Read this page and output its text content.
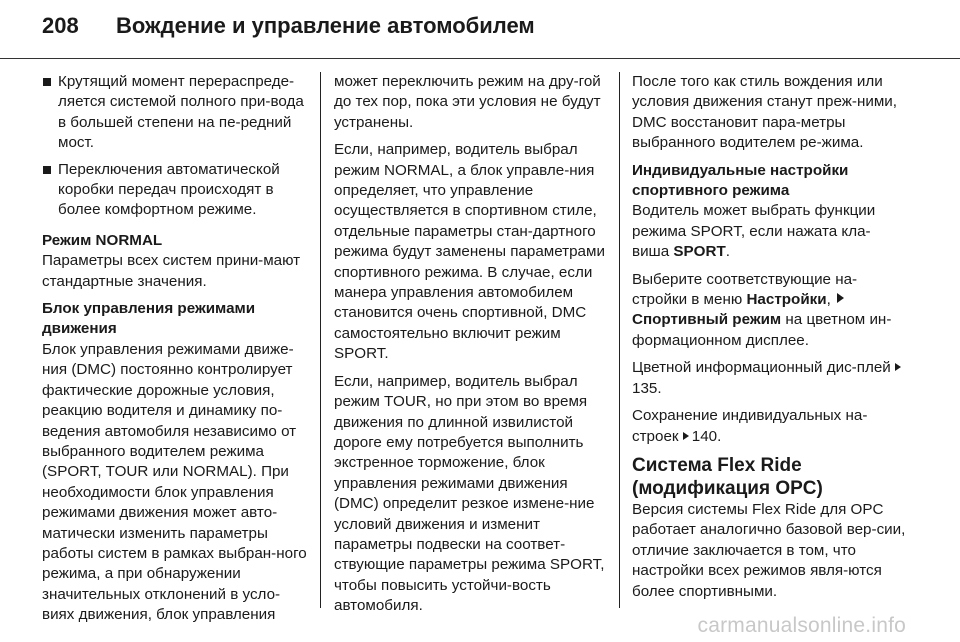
208	Вождение и управление автомобилем
Крутящий момент перераспреде-ляется системой полного при-вода в большей степени на пе-редний мост.
Переключения автоматической коробки передач происходят в более комфортном режиме.

Режим NORMAL

Параметры всех систем прини-мают стандартные значения.

Блок управления режимами движения

Блок управления режимами движе-ния (DMC) постоянно контролирует фактические дорожные условия, реакцию водителя и динамику по-ведения автомобиля независимо от выбранного водителем режима (SPORT, TOUR или NORMAL). При необходимости блок управления режимами движения может авто-матически изменить параметры работы систем в рамках выбран-ного режима, а при обнаружении значительных отклонений в усло-виях движения, блок управления

может переключить режим на дру-гой до тех пор, пока эти условия не будут устранены.

Если, например, водитель выбрал режим NORMAL, а блок управле-ния определяет, что управление осуществляется в спортивном стиле, отдельные параметры стан-дартного режима будут заменены параметрами спортивного режима. В случае, если манера управления автомобилем становится очень спортивной, DMC самостоятельно включит режим SPORT.

Если, например, водитель выбрал режим TOUR, но при этом во время движения по длинной извилистой дороге ему потребуется выполнить экстренное торможение, блок управления режимами движения (DMC) определит резкое измене-ние условий движения и изменит параметры подвески на соответ-ствующие параметры режима SPORT, чтобы повысить устойчи-вость автомобиля.

После того как стиль вождения или условия движения станут преж-ними, DMC восстановит пара-метры выбранного водителем ре-жима.

Индивидуальные настройки спортивного режима

Водитель может выбрать функции режима SPORT, если нажата кла-виша SPORT.

Выберите соответствующие на-стройки в меню Настройки,
Спортивный режим на цветном ин-формационном дисплее.

Цветной информационный дис-плей 135.

Сохранение индивидуальных на-строек 140.

Система Flex Ride (модификация OPC)

Версия системы Flex Ride для OPC работает аналогично базовой вер-сии, отличие заключается в том, что настройки всех режимов явля-ются более спортивными.

carmanualsonline.info
